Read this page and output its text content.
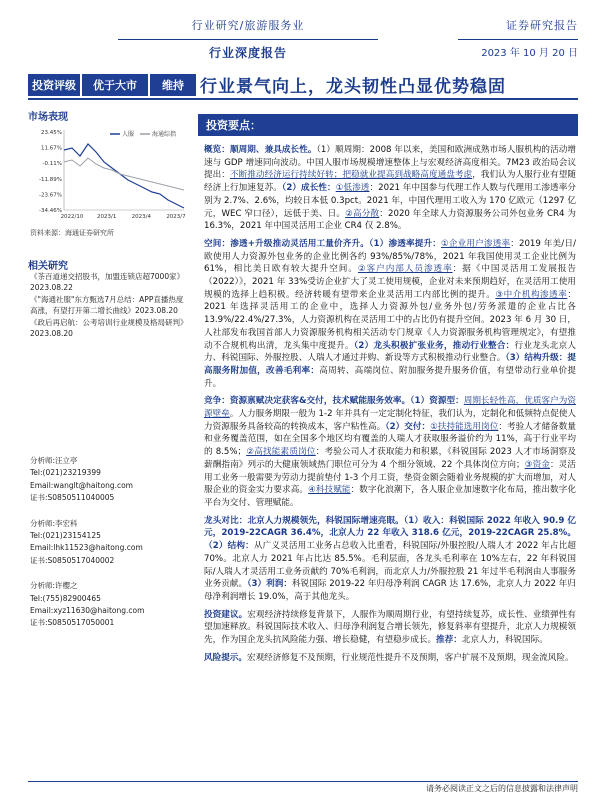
行业研究/旅游服务业
行业深度报告
证券研究报告
2023 年 10 月 20 日
投资评级	优于大市	维持 行业景气向上，龙头韧性凸显优势稳固
市场表现
23.45%
11.67%
-0.11%
-11.89%
-23.67%
-34.46%
2022/10 2023/1	2023/4	2023/7
人服	海通综指
资料来源：海通证券研究所
相关研究

《茶百道递交招股书，加盟连锁店超7000家》2023.08.22

《"海通社服"东方甄选7月总结：APP直播热度高涨，有望打开第二增长曲线》2023.08.20

《政后再启航：公考培训行业规模及格局研判》2023.08.20

分析师:汪立亭
Tel:(021)23219399
Email:wanglt@haitong.com
证书:S0850511040005
分析师:李宏科
Tel:(021)23154125
Email:lhk11523@haitong.com
证书:S0850517040002
分析师:许樱之
Tel:(755)82900465
Email:xyz11630@haitong.com
证书:S0850517050001
投资要点：

概览：顺周期、兼具成长性。（1）顺周期：2008 年以来，美国和欧洲成熟市场人服机构的活动增速与 GDP 增速同向波动。中国人服市场规模增速整体上与宏观经济高度相关。7M23 政治局会议提出：不断推动经济运行持续好转；把稳就业提高到战略高度通盘考虑，我们认为人服行业有望随经济上行加速复苏。（2）成长性：①低渗透：2021 年中国参与代理工作人数与代理用工渗透率分别为 2.7%、2.6%，均较日本低 0.3pct。2021 年，中国代理用工收入为 170 亿欧元（1297 亿元，WEC 窄口径），远低于美、日。②高分散：2020 年全球人力资源服务公司外包业务 CR4 为 16.3%，2021 年中国灵活用工企业 CR4 仅 2.8%。

空间：渗透+升级推动灵活用工量价齐升。（1）渗透率提升：①企业用户渗透率：2019 年美/日/欧使用人力资源外包业务的企业比例各约 93%/85%/78%，2021 年我国使用灵工企业比例为 61%，相比美日欧有较大提升空间。②客户内部人员渗透率：据《中国灵活用工发展报告（2022）》，2021 年 33%受访企业扩大了灵工使用规模，企业对未来预期趋好，在灵活用工使用规模的选择上趋积极。经济转暖有望带来企业灵活用工内部比例的提升。③中介机构渗透率：2021 年选择灵活用工的企业中，选择人力资源外包/业务外包/劳务派遣的企业占比各 13.9%/22.4%/27.3%，人力资源机构在灵活用工中的占比仍有提升空间。2023 年 6 月 30 日，人社部发布我国首部人力资源服务机构相关活动专门规章《人力资源服务机构管理规定》，有望推动不合规机构出清，龙头集中度提升。（2）龙头积极扩张业务，推动行业整合：行业龙头北京人力、科锐国际、外服控股、人瑞人才通过并购、新设等方式积极推动行业整合。（3）结构升级：提高服务附加值，改善毛利率：高周转、高端岗位、附加服务提升服务价值，有望带动行业单价提升。

竞争：资源禀赋决定获客&交付，技术赋能服务效率。（1）资源型：周期长轻性高，优质客户为资源壁垒。人力服务期限一般为 1-2 年并具有一定定制化特征，我们认为，定制化和低频特点促使人力资源服务具备较高的转换成本，客户粘性高。（2）交付：①扶持能选用岗位：考验人才储备数量和业务覆盖范围，如在全国多个地区均有覆盖的人瑞人才获取服务溢价约为 11%，高于行业平均的 8.5%；②高找能素质岗位：考验公司人才获取能力和积累，《科锐国际 2023 人才市场洞察及薪酬指南》列示的大健康领域热门职位可分为 4 个细分领域、22 个具体岗位方向；③资金：灵活用工业务一般需要为劳动力提前垫付 1-3 个月工资，垫资金额会随着业务规模的扩大而增加，对人服企业的资金实力要求高。④科技赋能：数字化浪潮下，各人服企业加速数字化布局，推出数字化平台为交付、管理赋能。

龙头对比：北京人力规模领先，科锐国际增速亮眼。（1）收入：科锐国际 2022 年收入 90.9 亿元，2019-22CAGR 36.4%，北京人力 22 年收入 318.6 亿元，2019-22CAGR 25.8%。（2）结构：从广义灵活用工业务占总收入比重看，科锐国际/外服控股/人瑞人才 2022 年占比超 70%。北京人力 2021 年占比达 85.5%。毛利层面，各龙头毛利率在 10%左右，22 年科锐国际/人瑞人才灵活用工业务贡献约 70%毛利润，而北京人力/外服控股 21 年过半毛利润由人事服务业务贡献。（3）利润：科锐国际 2019-22 年归母净利润 CAGR 达 17.6%，北京人力 2022 年归母净利润增长 19.0%，高于其他龙头。

投资建议。宏观经济持续修复背景下，人服作为顺周期行业，有望持续复苏，成长性、业绩弹性有望加速释放。科锐国际技术收入、归母净利润复合增长领先，修复斜率有望提升，北京人力规模领先，作为国企龙头抗风险能力强、增长稳健，有望稳步成长。推荐：北京人力，科锐国际。

风险提示。宏观经济修复不及预期，行业规范性提升不及预期，客户扩展不及预期，现金流风险。

请务必阅读正文之后的信息披露和法律声明
